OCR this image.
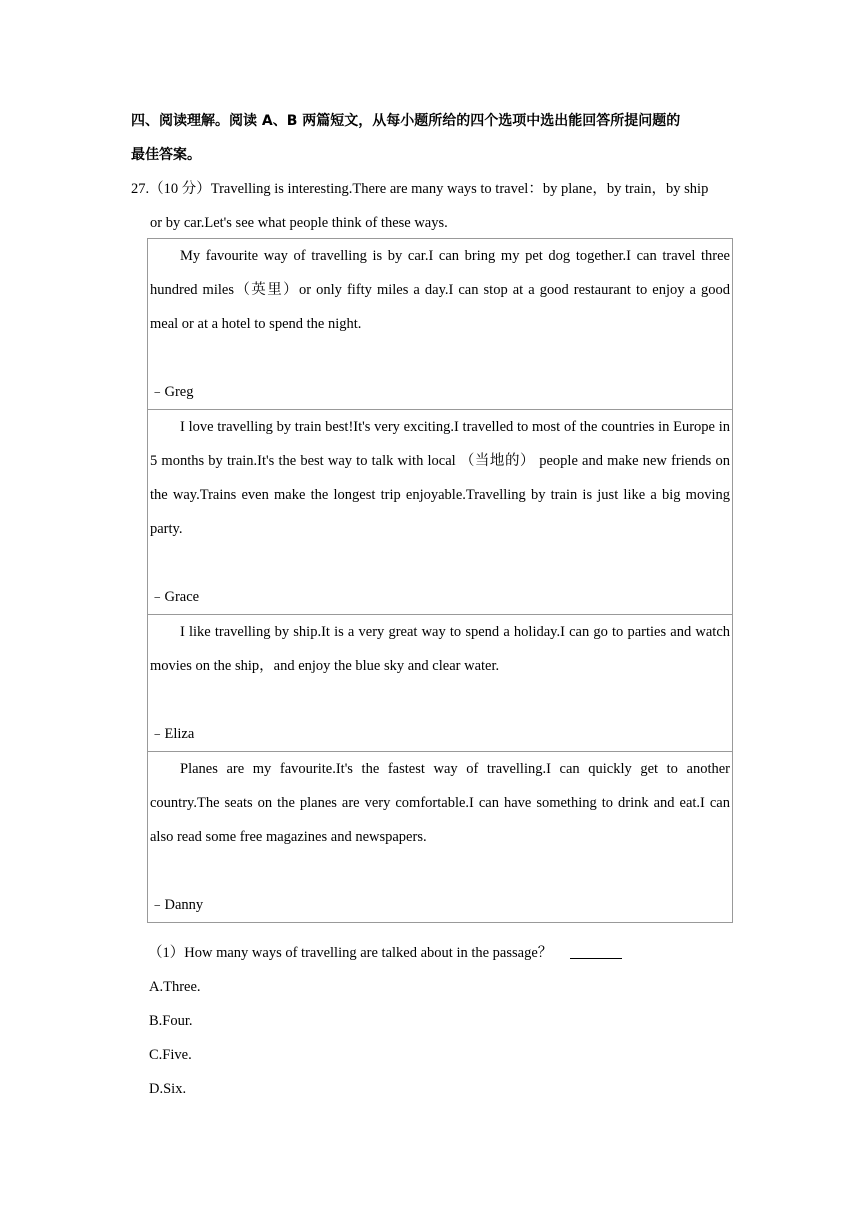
四、阅读理解。阅读 A、B 两篇短文，从每小题所给的四个选项中选出能回答所提问题的
最佳答案。
27.（10 分）Travelling is interesting.There are many ways to travel：by plane，by train，by ship
or by car.Let's see what people think of these ways.

My favourite way of travelling is by car.I can bring my pet dog together.I can travel three hundred miles（英里）or only fifty miles a day.I can stop at a good restaurant to enjoy a good meal or at a hotel to spend the night.

﹣Greg

I love travelling by train best!It's very exciting.I travelled to most of the countries in Europe in 5 months by train.It's the best way to talk with local （当地的） people and make new friends on the way.Trains even make the longest trip enjoyable.Travelling by train is just like a big moving party.

﹣Grace

I like travelling by ship.It is a very great way to spend a holiday.I can go to parties and watch movies on the ship，and enjoy the blue sky and clear water.

﹣Eliza

Planes are my favourite.It's the fastest way of travelling.I can quickly get to another country.The seats on the planes are very comfortable.I can have something to drink and eat.I can also read some free magazines and newspapers.

﹣Danny

（1）How many ways of travelling are talked about in the passage？
A.Three.
B.Four.
C.Five.
D.Six.
